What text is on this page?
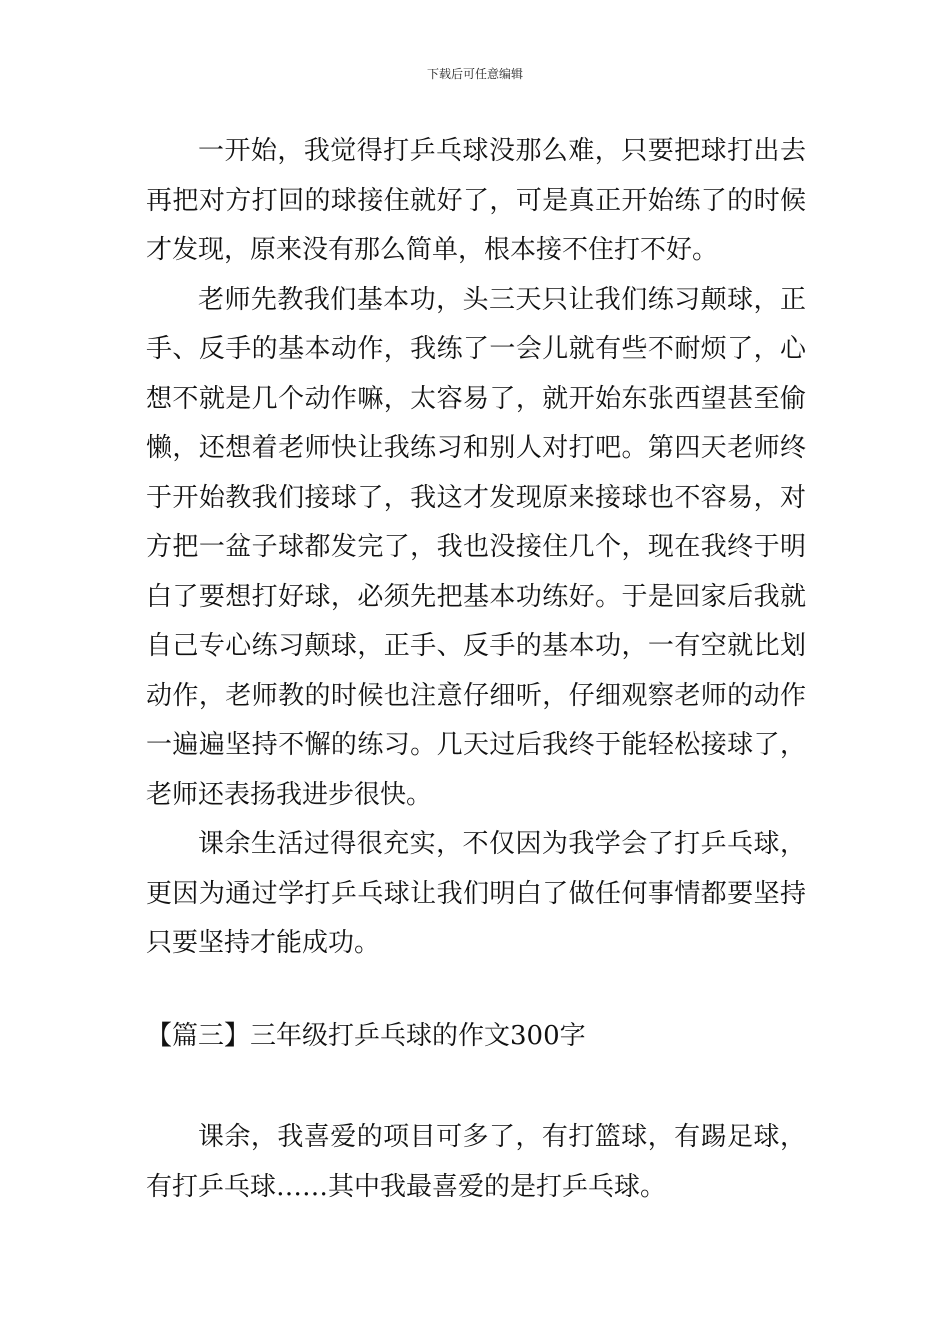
下载后可任意编辑

一开始，我觉得打乒乓球没那么难，只要把球打出去再把对方打回的球接住就好了，可是真正开始练了的时候才发现，原来没有那么简单，根本接不住打不好。

老师先教我们基本功，头三天只让我们练习颠球，正手、反手的基本动作，我练了一会儿就有些不耐烦了，心想不就是几个动作嘛，太容易了，就开始东张西望甚至偷懒，还想着老师快让我练习和别人对打吧。第四天老师终于开始教我们接球了，我这才发现原来接球也不容易，对方把一盆子球都发完了，我也没接住几个，现在我终于明白了要想打好球，必须先把基本功练好。于是回家后我就自己专心练习颠球，正手、反手的基本功，一有空就比划动作，老师教的时候也注意仔细听，仔细观察老师的动作一遍遍坚持不懈的练习。几天过后我终于能轻松接球了，老师还表扬我进步很快。

课余生活过得很充实，不仅因为我学会了打乒乓球，更因为通过学打乒乓球让我们明白了做任何事情都要坚持只要坚持才能成功。

【篇三】三年级打乒乓球的作文300字

课余，我喜爱的项目可多了，有打篮球，有踢足球，有打乒乓球……其中我最喜爱的是打乒乓球。
